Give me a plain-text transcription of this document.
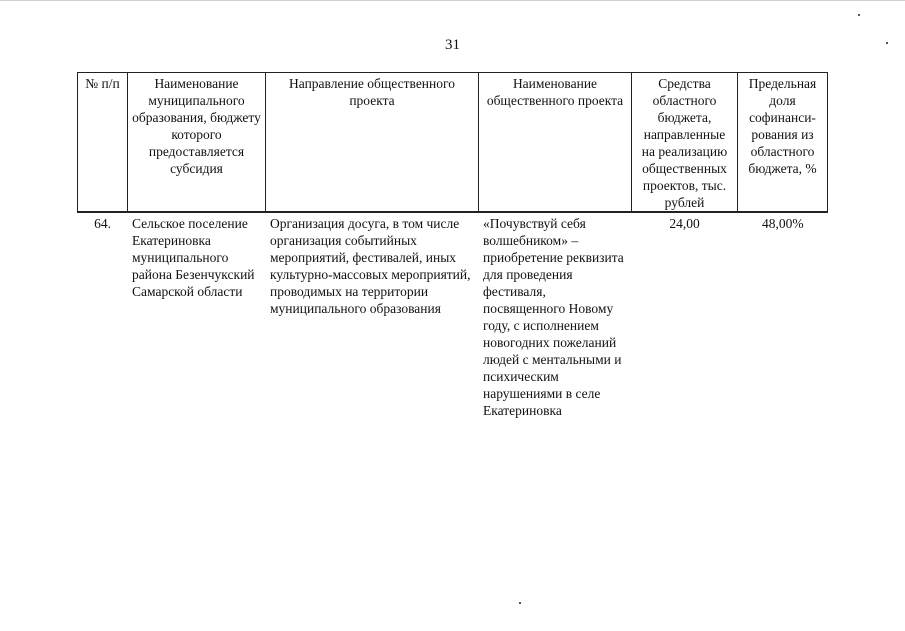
31
№ п/п	Наименование муниципального образования, бюджету которого предоставляется субсидия	Направление общественного проекта	Наименование общественного проекта	Средства областного бюджета, направленные на реализацию общественных проектов, тыс. рублей	Предельная доля софинанси-рования из областного бюджета, %
64.	Сельское поселение Екатериновка муниципального района Безенчукский Самарской области	Организация досуга, в том числе организация событийных мероприятий, фестивалей, иных культурно-массовых мероприятий, проводимых на территории муниципального образования	«Почувствуй себя волшебником» – приобретение реквизита для проведения фестиваля, посвященного Новому году, с исполнением новогодних пожеланий людей с ментальными и психическим нарушениями в селе Екатериновка	24,00	48,00%
